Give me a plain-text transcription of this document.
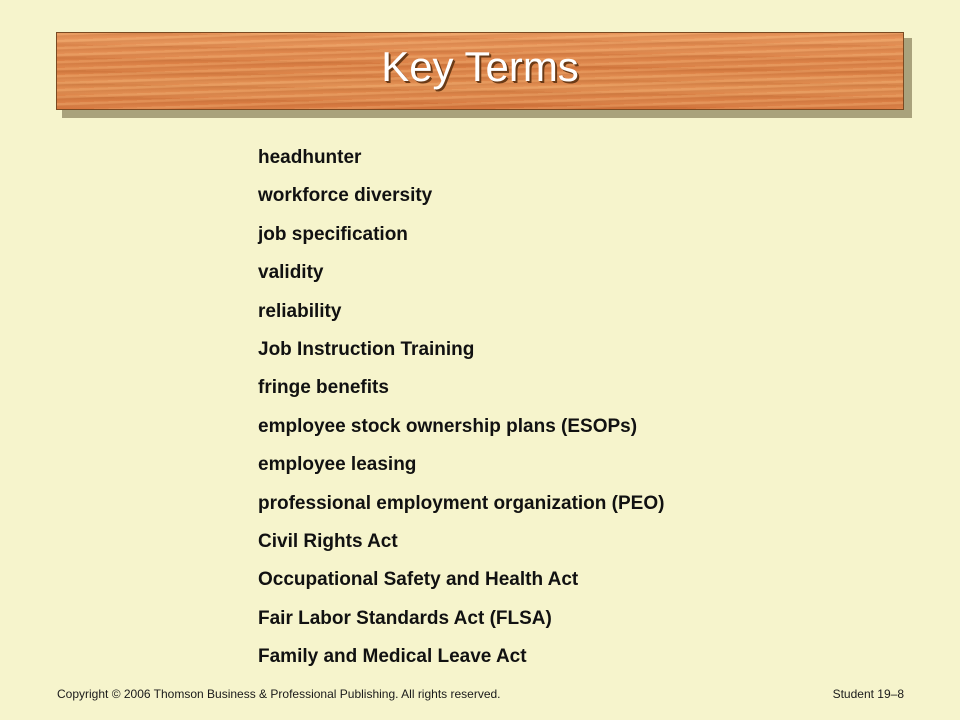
Key Terms
headhunter
workforce diversity
job specification
validity
reliability
Job Instruction Training
fringe benefits
employee stock ownership plans (ESOPs)
employee leasing
professional employment organization (PEO)
Civil Rights Act
Occupational Safety and Health Act
Fair Labor Standards Act (FLSA)
Family and Medical Leave Act
Copyright © 2006 Thomson Business & Professional Publishing. All rights reserved.	Student 19–8
